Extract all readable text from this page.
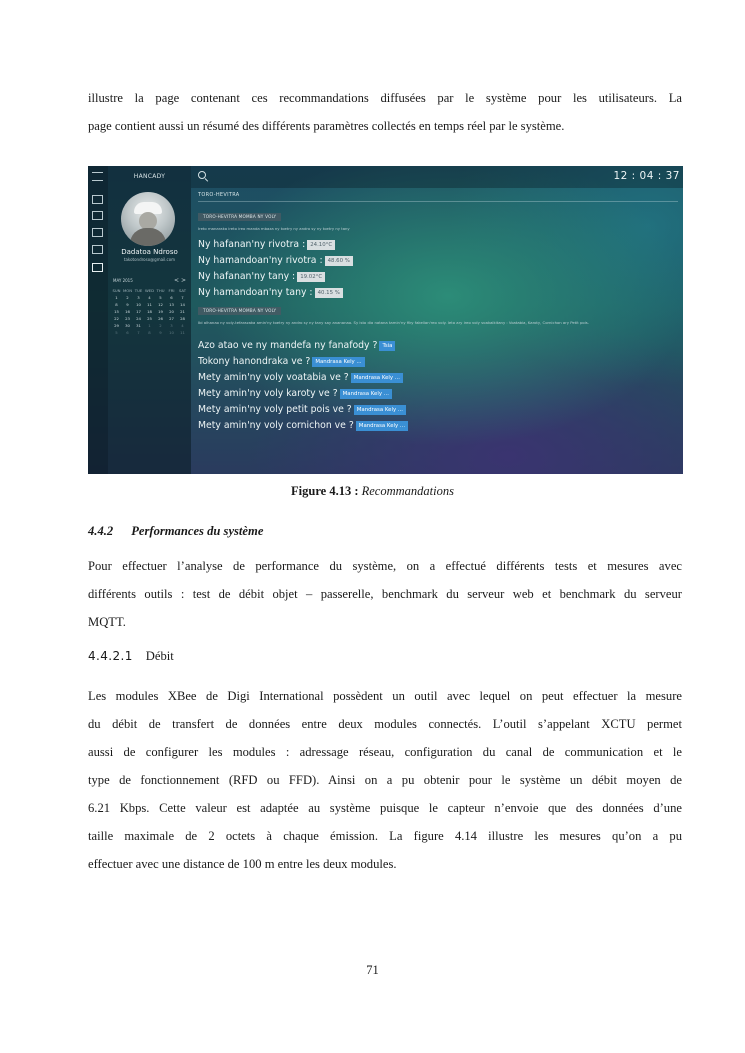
illustre la page contenant ces recommandations diffusées par le système pour les utilisateurs. La

page contient aussi un résumé des différents paramètres collectés en temps réel par le système.

HANCADY
Dadatoa Ndroso
takotondroso@gmail.com
MAY 2015	< >
SUN MON TUE WED THU	FRI	SAT
1	2	3	4	5	6	7
8	9	10	11	12	13	14
15	16	17	18	19	20	21
22	23	24	25	26	27	28
29	30	31	1	2	3	4
5	6	7	8	9	10	11
12 : 04 : 37
TORO-HEVITRA
TORO-HEVITRA MOMBA NY VOLY
Ireto manaraka ireto ireo manda mbaza ny toetry ny andro sy ny toetry ny tany
Ny hafanan'ny rivotra : 24.10°C
Ny hamandoan'ny rivotra : 48.60 %
Ny hafanan'ny tany : 19.02°C
Ny hamandoan'ny tany : 40.15 %
TORO-HEVITRA MOMBA NY VOLY
Ibi alhanao ny voly-tefarazaka amin'ny toetry ny andro sy ny tany say anananao. Sy isto dia natana tamin'ny fiky fakelian'reo voly. Ieto ary ireo voly voakaikitany : Voatabia, Karoty, Cornichon ary Petit pois.
Azo atao ve ny mandefa ny fanafody ? Tsia
Tokony hanondraka ve ? Mandrasa Kely ...
Mety amin'ny voly voatabia ve ? Mandrasa Kely ...
Mety amin'ny voly karoty ve ? Mandrasa Kely ...
Mety amin'ny voly petit pois ve ? Mandrasa Kely ...
Mety amin'ny voly cornichon ve ? Mandrasa Kely ...
Figure 4.13 : Recommandations
4.4.2 Performances du système

Pour effectuer l’analyse de performance du système, on a effectué différents tests et mesures avec

différents outils : test de débit objet – passerelle, benchmark du serveur web et benchmark du serveur

MQTT.

4.4.2.1 Débit

Les modules XBee de Digi International possèdent un outil avec lequel on peut effectuer la mesure

du débit de transfert de données entre deux modules connectés. L’outil s’appelant XCTU permet

aussi de configurer les modules : adressage réseau, configuration du canal de communication et le

type de fonctionnement (RFD ou FFD). Ainsi on a pu obtenir pour le système un débit moyen de

6.21 Kbps. Cette valeur est adaptée au système puisque le capteur n’envoie que des données d’une

taille maximale de 2 octets à chaque émission. La figure 4.14 illustre les mesures qu’on a pu

effectuer avec une distance de 100 m entre les deux modules.

71
